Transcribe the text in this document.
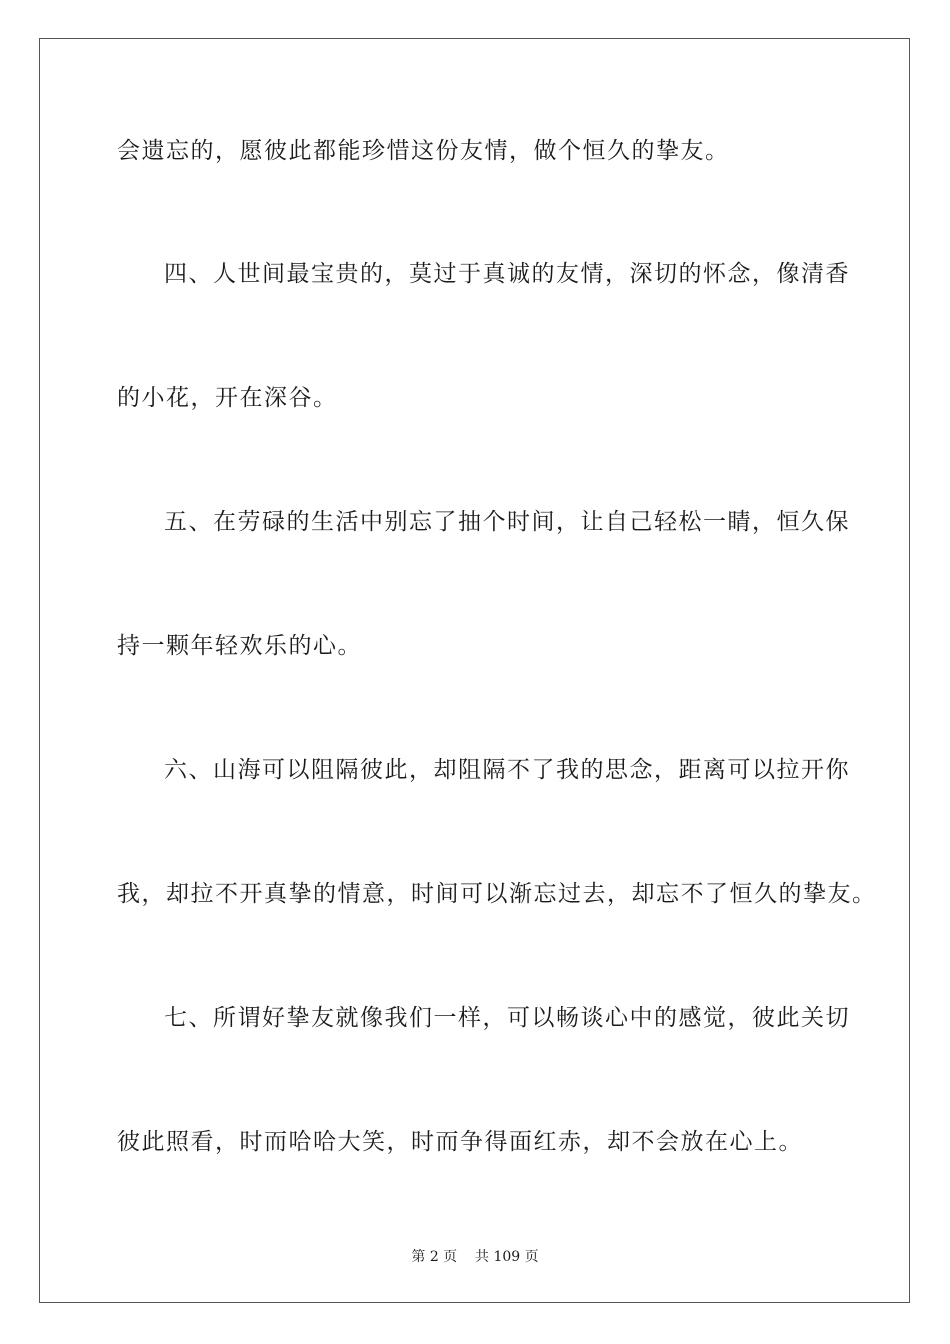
会遗忘的，愿彼此都能珍惜这份友情，做个恒久的挚友。
四、人世间最宝贵的，莫过于真诚的友情，深切的怀念，像清香
的小花，开在深谷。
五、在劳碌的生活中别忘了抽个时间，让自己轻松一睛，恒久保
持一颗年轻欢乐的心。
六、山海可以阻隔彼此，却阻隔不了我的思念，距离可以拉开你
我，却拉不开真挚的情意，时间可以渐忘过去，却忘不了恒久的挚友。
七、所谓好挚友就像我们一样，可以畅谈心中的感觉，彼此关切
彼此照看，时而哈哈大笑，时而争得面红赤，却不会放在心上。
第 2 页 共 109 页
